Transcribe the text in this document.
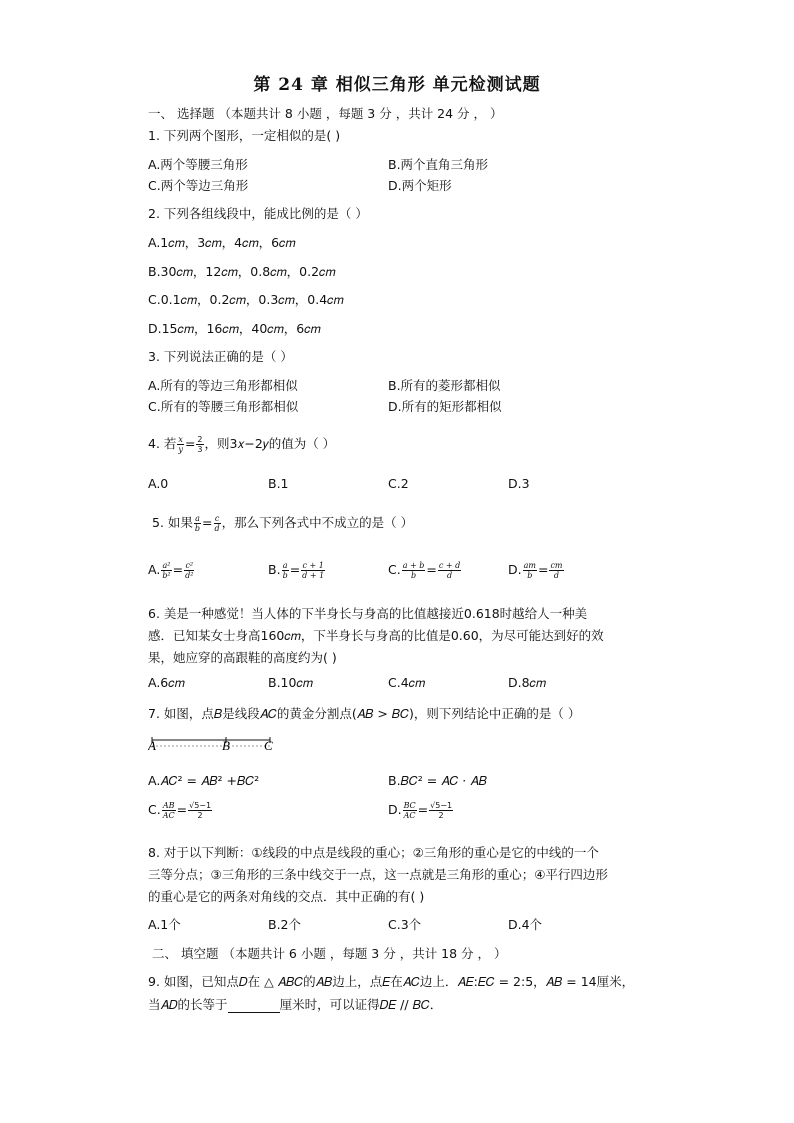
第 24 章 相似三角形 单元检测试题
一、 选择题 （本题共计 8 小题 ，每题 3 分 ，共计 24 分 ， ）
1. 下列两个图形，一定相似的是( )
A.两个等腰三角形	B.两个直角三角形
C.两个等边三角形	D.两个矩形
2. 下列各组线段中，能成比例的是（ ）
A.1𝑐𝑚，3𝑐𝑚，4𝑐𝑚，6𝑐𝑚
B.30𝑐𝑚，12𝑐𝑚，0.8𝑐𝑚，0.2𝑐𝑚
C.0.1𝑐𝑚，0.2𝑐𝑚，0.3𝑐𝑚，0.4𝑐𝑚
D.15𝑐𝑚，16𝑐𝑚，40𝑐𝑚，6𝑐𝑚
3. 下列说法正确的是（ ）
A.所有的等边三角形都相似	B.所有的菱形都相似
C.所有的等腰三角形都相似	D.所有的矩形都相似
4. 若 $\frac{\text{𝑥}}{\text{𝑦}} = \frac{2}{3}$ ，则3𝑥−2𝑦的值为（ ）
A.0	B.1	C.2	D.3
5. 如果 $\frac{\text{𝑎}}{\text{𝑏}} = \frac{\text{𝑐}}{\text{𝑑}}$ ，那么下列各式中不成立的是（ ）
A. $\frac{\text{𝑎²}}{\text{𝑏²}} = \frac{\text{𝑐²}}{\text{𝑑²}}$	B. $\frac{\text{𝑎}}{\text{𝑏}} = \frac{\text{𝑐 + 1}}{\text{𝑑 + 1}}$	C. $\frac{\text{𝑎 + 𝑏}}{\text{𝑏}} = \frac{\text{𝑐 + 𝑑}}{\text{𝑑}}$	D. $\frac{\text{𝑎𝑚}}{\text{𝑏}} = \frac{\text{𝑐𝑚}}{\text{𝑑}}$
6. 美是一种感觉！当人体的下半身长与身高的比值越接近0.618时越给人一种美
感．已知某女士身高160𝑐𝑚，下半身长与身高的比值是0.60，为尽可能达到好的效
果，她应穿的高跟鞋的高度约为( )
A.6𝑐𝑚	B.10𝑐𝑚	C.4𝑐𝑚	D.8𝑐𝑚
7. 如图，点𝐵是线段𝐴𝐶的黄金分割点(𝐴𝐵 > 𝐵𝐶)，则下列结论中正确的是（ ）
A	B	C
A.𝐴𝐶² = 𝐴𝐵² +𝐵𝐶²	B.𝐵𝐶² = 𝐴𝐶 · 𝐴𝐵
C. $\frac{\text{𝐴𝐵}}{\text{𝐴𝐶}} = \frac{√5-1}{2}$	D. $\frac{\text{𝐵𝐶}}{\text{𝐴𝐶}} = \frac{√5-1}{2}$
8. 对于以下判断：①线段的中点是线段的重心；②三角形的重心是它的中线的一个
三等分点；③三角形的三条中线交于一点，这一点就是三角形的重心；④平行四边形
的重心是它的两条对角线的交点．其中正确的有( )
A.1个	B.2个	C.3个	D.4个
二、 填空题 （本题共计 6 小题 ，每题 3 分 ，共计 18 分 ， ）
9. 如图，已知点𝐷在 △ 𝐴𝐵𝐶的𝐴𝐵边上，点𝐸在𝐴𝐶边上．𝐴𝐸:𝐸𝐶 = 2:5，𝐴𝐵 = 14厘米，
当𝐴𝐷的长等于	厘米时，可以证得𝐷𝐸 // 𝐵𝐶．
